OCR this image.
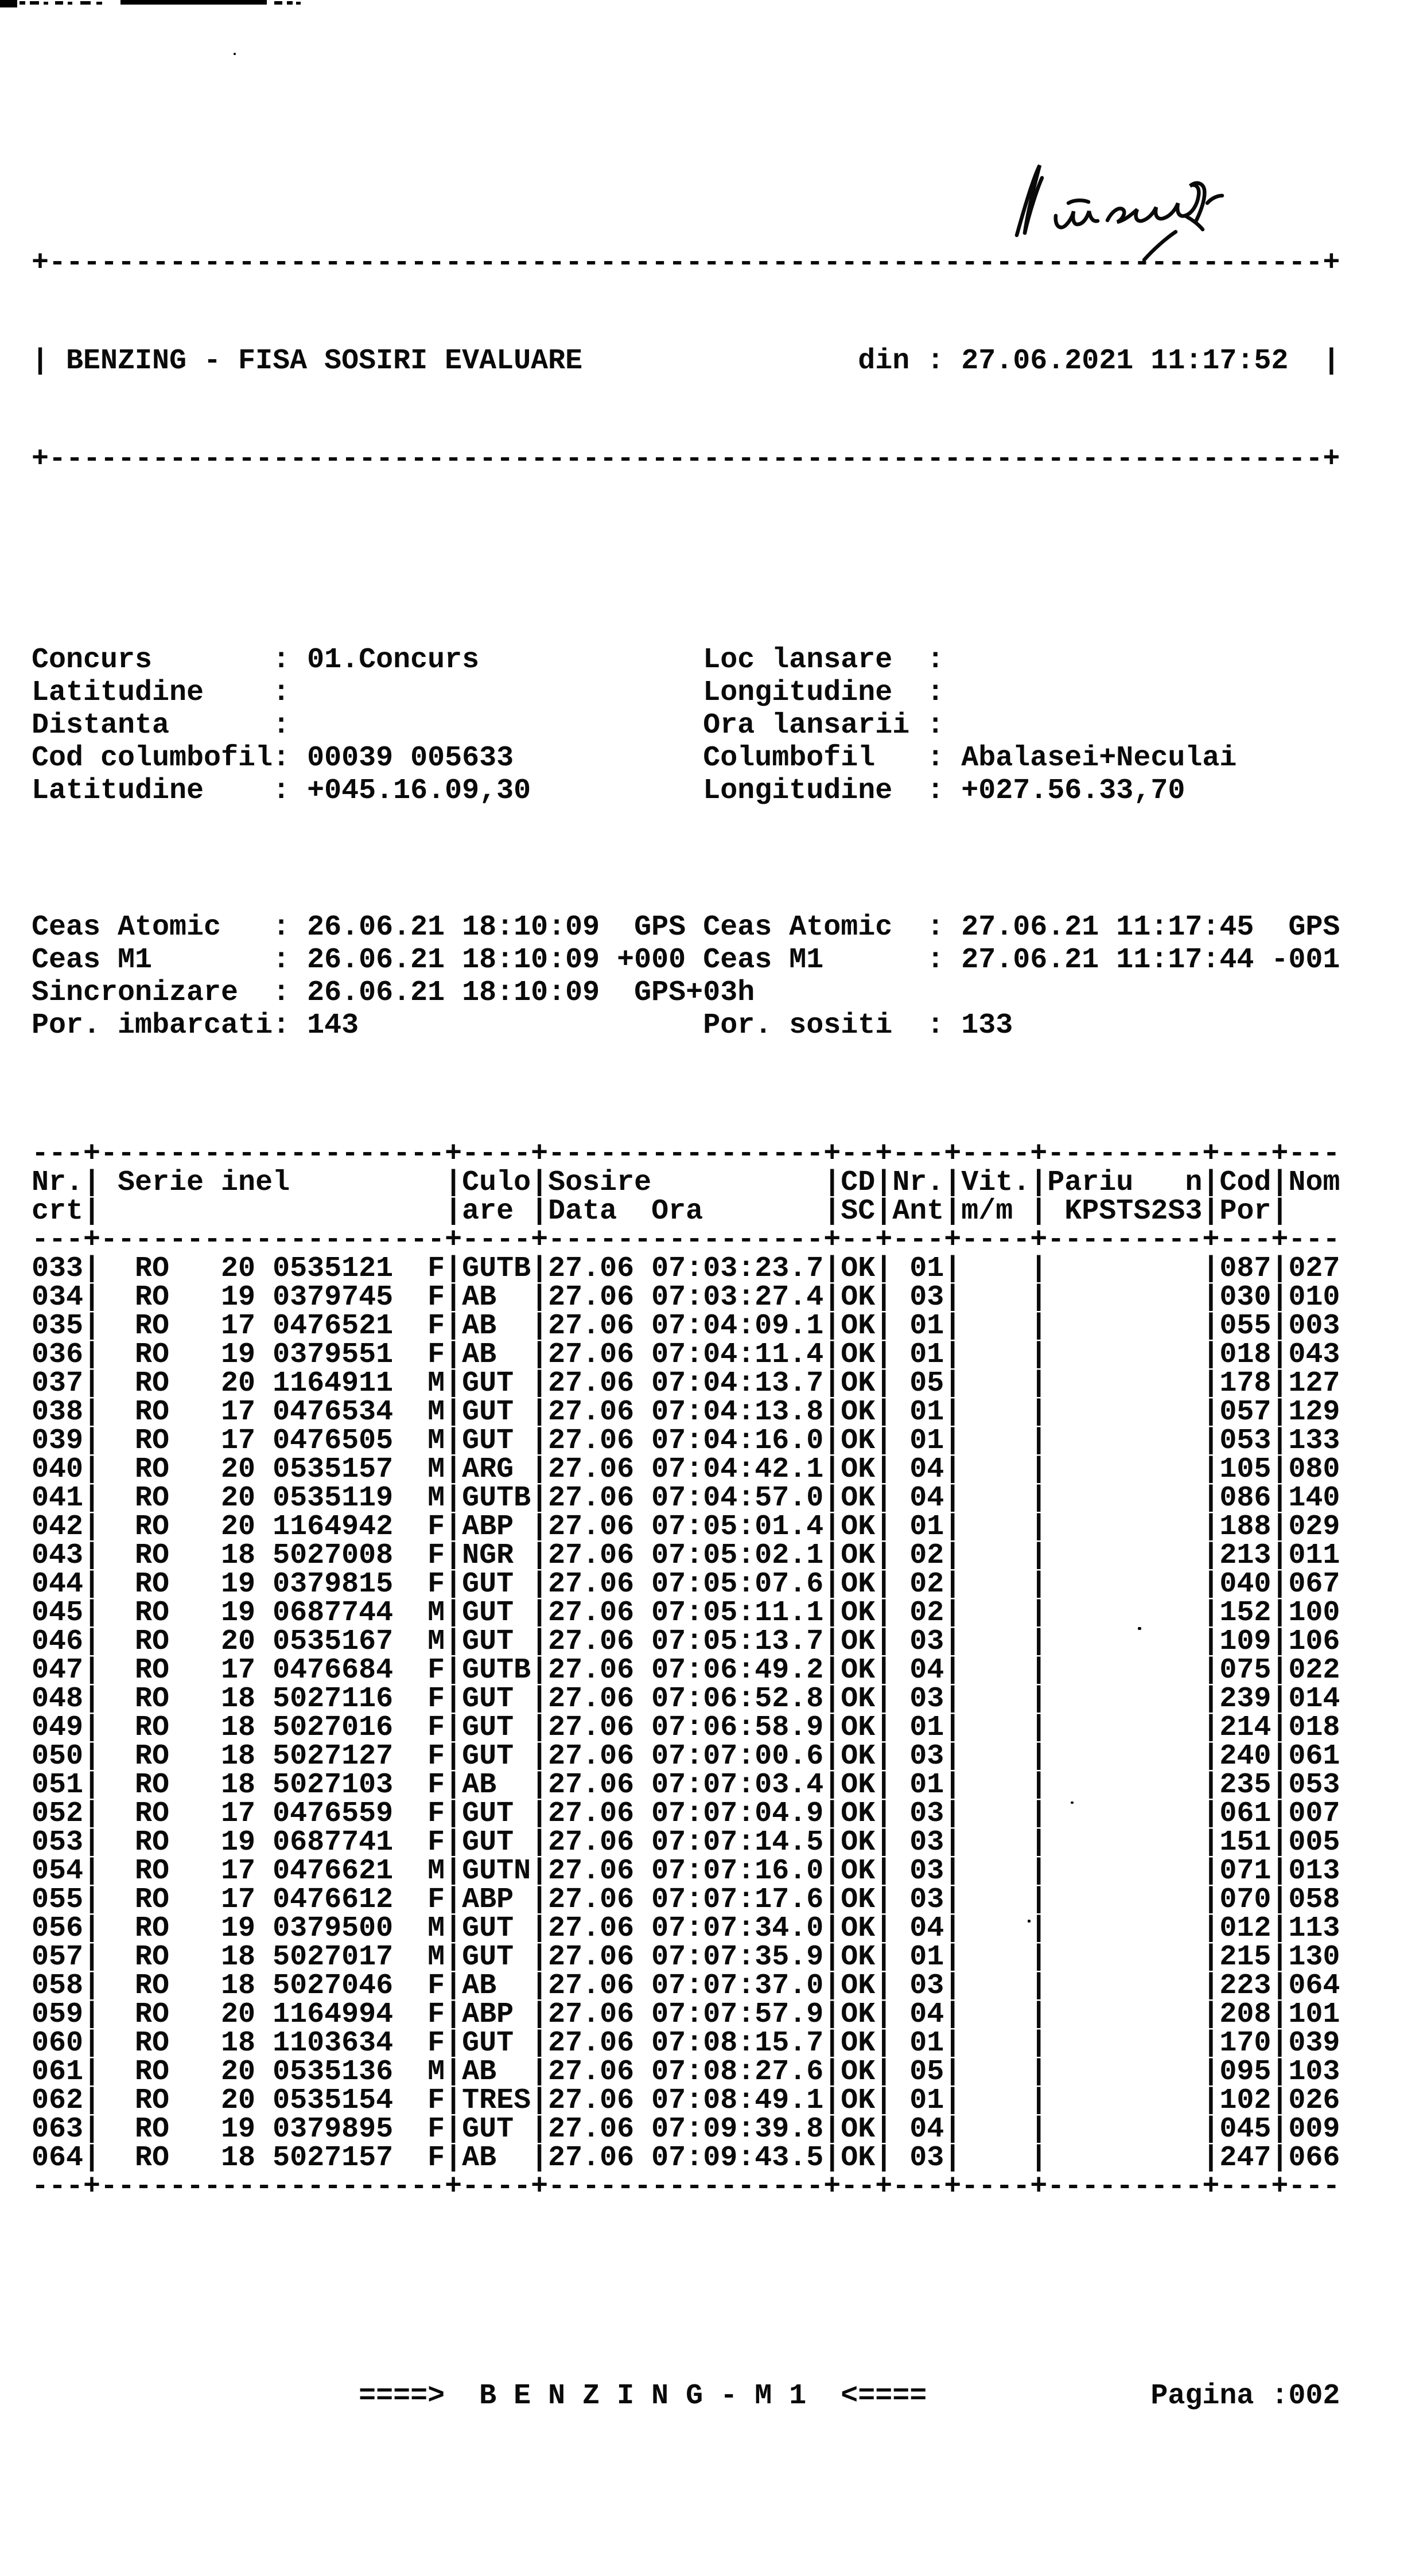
+--------------------------------------------------------------------------+

| BENZING - FISA SOSIRI EVALUARE                din : 27.06.2021 11:17:52  |

+--------------------------------------------------------------------------+

Concurs       : 01.Concurs             Loc lansare  :
Latitudine    :                        Longitudine  :
Distanta      :                        Ora lansarii :
Cod columbofil: 00039 005633           Columbofil   : Abalasei+Neculai
Latitudine    : +045.16.09,30          Longitudine  : +027.56.33,70

Ceas Atomic   : 26.06.21 18:10:09  GPS Ceas Atomic  : 27.06.21 11:17:45  GPS
Ceas M1       : 26.06.21 18:10:09 +000 Ceas M1      : 27.06.21 11:17:44 -001
Sincronizare  : 26.06.21 18:10:09  GPS+03h
Por. imbarcati: 143                    Por. sositi  : 133

---+--------------------+----+----------------+--+---+----+---------+---+---
Nr.| Serie inel         |Culo|Sosire          |CD|Nr.|Vit.|Pariu   n|Cod|Nom
crt|                    |are |Data  Ora       |SC|Ant|m/m | KPSTS2S3|Por|
---+--------------------+----+----------------+--+---+----+---------+---+---
033|  RO   20 0535121  F|GUTB|27.06 07:03:23.7|OK| 01|    |         |087|027
034|  RO   19 0379745  F|AB  |27.06 07:03:27.4|OK| 03|    |         |030|010
035|  RO   17 0476521  F|AB  |27.06 07:04:09.1|OK| 01|    |         |055|003
036|  RO   19 0379551  F|AB  |27.06 07:04:11.4|OK| 01|    |         |018|043
037|  RO   20 1164911  M|GUT |27.06 07:04:13.7|OK| 05|    |         |178|127
038|  RO   17 0476534  M|GUT |27.06 07:04:13.8|OK| 01|    |         |057|129
039|  RO   17 0476505  M|GUT |27.06 07:04:16.0|OK| 01|    |         |053|133
040|  RO   20 0535157  M|ARG |27.06 07:04:42.1|OK| 04|    |         |105|080
041|  RO   20 0535119  M|GUTB|27.06 07:04:57.0|OK| 04|    |         |086|140
042|  RO   20 1164942  F|ABP |27.06 07:05:01.4|OK| 01|    |         |188|029
043|  RO   18 5027008  F|NGR |27.06 07:05:02.1|OK| 02|    |         |213|011
044|  RO   19 0379815  F|GUT |27.06 07:05:07.6|OK| 02|    |         |040|067
045|  RO   19 0687744  M|GUT |27.06 07:05:11.1|OK| 02|    |         |152|100
046|  RO   20 0535167  M|GUT |27.06 07:05:13.7|OK| 03|    |         |109|106
047|  RO   17 0476684  F|GUTB|27.06 07:06:49.2|OK| 04|    |         |075|022
048|  RO   18 5027116  F|GUT |27.06 07:06:52.8|OK| 03|    |         |239|014
049|  RO   18 5027016  F|GUT |27.06 07:06:58.9|OK| 01|    |         |214|018
050|  RO   18 5027127  F|GUT |27.06 07:07:00.6|OK| 03|    |         |240|061
051|  RO   18 5027103  F|AB  |27.06 07:07:03.4|OK| 01|    |         |235|053
052|  RO   17 0476559  F|GUT |27.06 07:07:04.9|OK| 03|    |         |061|007
053|  RO   19 0687741  F|GUT |27.06 07:07:14.5|OK| 03|    |         |151|005
054|  RO   17 0476621  M|GUTN|27.06 07:07:16.0|OK| 03|    |         |071|013
055|  RO   17 0476612  F|ABP |27.06 07:07:17.6|OK| 03|    |         |070|058
056|  RO   19 0379500  M|GUT |27.06 07:07:34.0|OK| 04|    |         |012|113
057|  RO   18 5027017  M|GUT |27.06 07:07:35.9|OK| 01|    |         |215|130
058|  RO   18 5027046  F|AB  |27.06 07:07:37.0|OK| 03|    |         |223|064
059|  RO   20 1164994  F|ABP |27.06 07:07:57.9|OK| 04|    |         |208|101
060|  RO   18 1103634  F|GUT |27.06 07:08:15.7|OK| 01|    |         |170|039
061|  RO   20 0535136  M|AB  |27.06 07:08:27.6|OK| 05|    |         |095|103
062|  RO   20 0535154  F|TRES|27.06 07:08:49.1|OK| 01|    |         |102|026
063|  RO   19 0379895  F|GUT |27.06 07:09:39.8|OK| 04|    |         |045|009
064|  RO   18 5027157  F|AB  |27.06 07:09:43.5|OK| 03|    |         |247|066
---+--------------------+----+----------------+--+---+----+---------+---+---

====>  B E N Z I N G - M 1  <====             Pagina :002
